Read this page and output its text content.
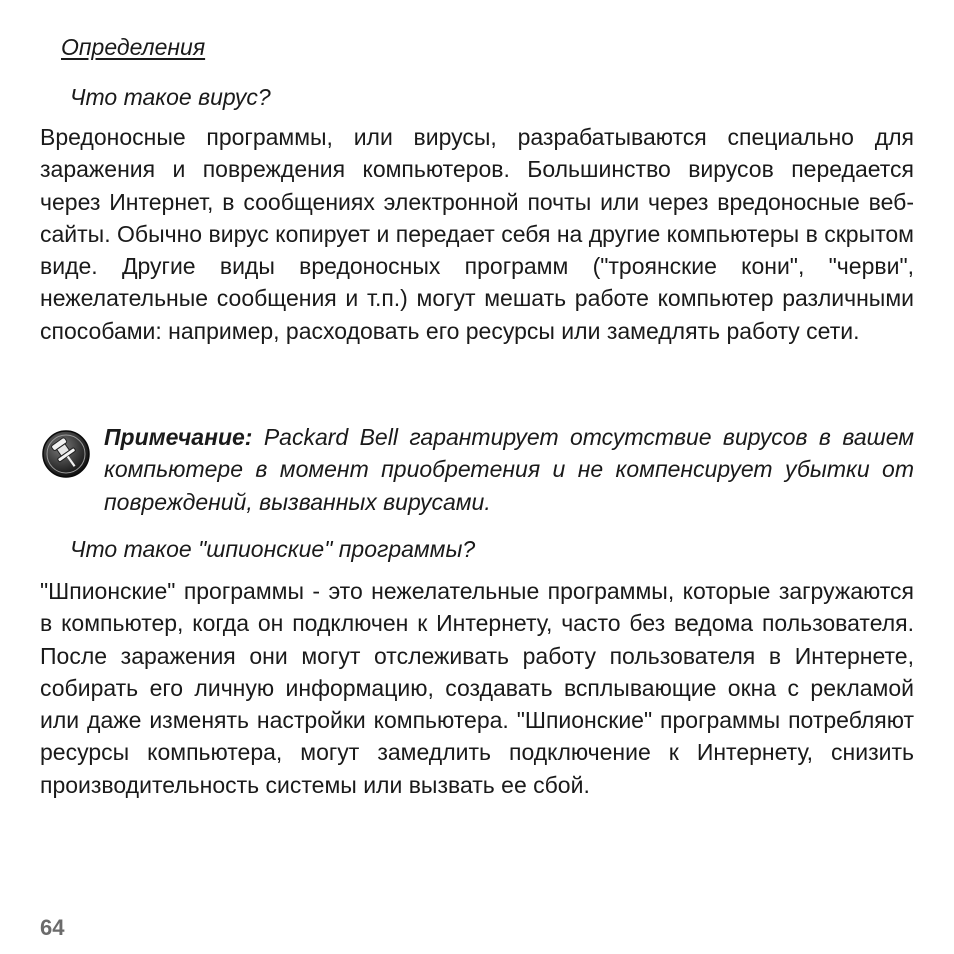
Определения
Что такое вирус?

Вредоносные программы, или вирусы, разрабатываются специально для заражения и повреждения компьютеров. Большинство вирусов передается через Интернет, в сообщениях электронной почты или через вредоносные веб-сайты. Обычно вирус копирует и передает себя на другие компьютеры в скрытом виде. Другие виды вредоносных программ ("троянские кони", "черви", нежелательные сообщения и т.п.) могут мешать работе компьютер различными способами: например, расходовать его ресурсы или замедлять работу сети.

Примечание: Packard Bell гарантирует отсутствие вирусов в вашем компьютере в момент приобретения и не компенсирует убытки от повреждений, вызванных вирусами.

Что такое "шпионские" программы?

"Шпионские" программы - это нежелательные программы, которые загружаются в компьютер, когда он подключен к Интернету, часто без ведома пользователя. После заражения они могут отслеживать работу пользователя в Интернете, собирать его личную информацию, создавать всплывающие окна с рекламой или даже изменять настройки компьютера. "Шпионские" программы потребляют ресурсы компьютера, могут замедлить подключение к Интернету, снизить производительность системы или вызвать ее сбой.

64
